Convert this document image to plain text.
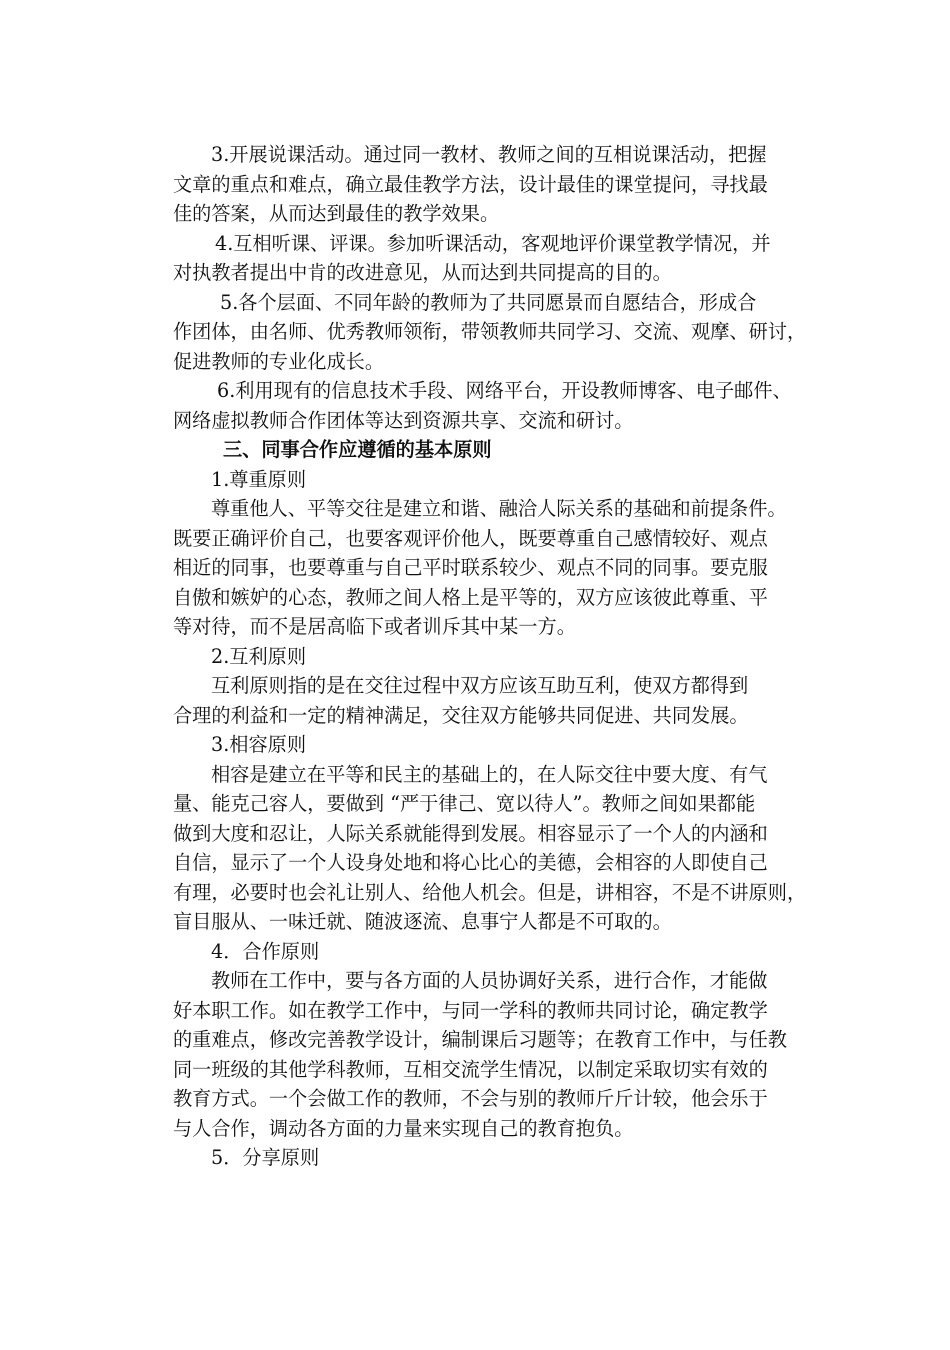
3.开展说课活动。通过同一教材、教师之间的互相说课活动，把握
文章的重点和难点，确立最佳教学方法，设计最佳的课堂提问，寻找最
佳的答案，从而达到最佳的教学效果。

4.互相听课、评课。参加听课活动，客观地评价课堂教学情况，并
对执教者提出中肯的改进意见，从而达到共同提高的目的。

5.各个层面、不同年龄的教师为了共同愿景而自愿结合，形成合
作团体，由名师、优秀教师领衔，带领教师共同学习、交流、观摩、研讨，
促进教师的专业化成长。

6.利用现有的信息技术手段、网络平台，开设教师博客、电子邮件、
网络虚拟教师合作团体等达到资源共享、交流和研讨。

三、同事合作应遵循的基本原则

1.尊重原则

尊重他人、平等交往是建立和谐、融洽人际关系的基础和前提条件。
既要正确评价自己，也要客观评价他人，既要尊重自己感情较好、观点
相近的同事，也要尊重与自己平时联系较少、观点不同的同事。要克服
自傲和嫉妒的心态，教师之间人格上是平等的，双方应该彼此尊重、平
等对待，而不是居高临下或者训斥其中某一方。

2.互利原则

互利原则指的是在交往过程中双方应该互助互利，使双方都得到
合理的利益和一定的精神满足，交往双方能够共同促进、共同发展。

3.相容原则

相容是建立在平等和民主的基础上的，在人际交往中要大度、有气
量、能克己容人，要做到 “严于律己、宽以待人”。教师之间如果都能
做到大度和忍让，人际关系就能得到发展。相容显示了一个人的内涵和
自信，显示了一个人设身处地和将心比心的美德，会相容的人即使自己
有理，必要时也会礼让别人、给他人机会。但是，讲相容，不是不讲原则，
盲目服从、一味迁就、随波逐流、息事宁人都是不可取的。

4．合作原则

教师在工作中，要与各方面的人员协调好关系，进行合作，才能做
好本职工作。如在教学工作中，与同一学科的教师共同讨论，确定教学
的重难点，修改完善教学设计，编制课后习题等；在教育工作中，与任教
同一班级的其他学科教师，互相交流学生情况，以制定采取切实有效的
教育方式。一个会做工作的教师，不会与别的教师斤斤计较，他会乐于
与人合作，调动各方面的力量来实现自己的教育抱负。

5．分享原则
